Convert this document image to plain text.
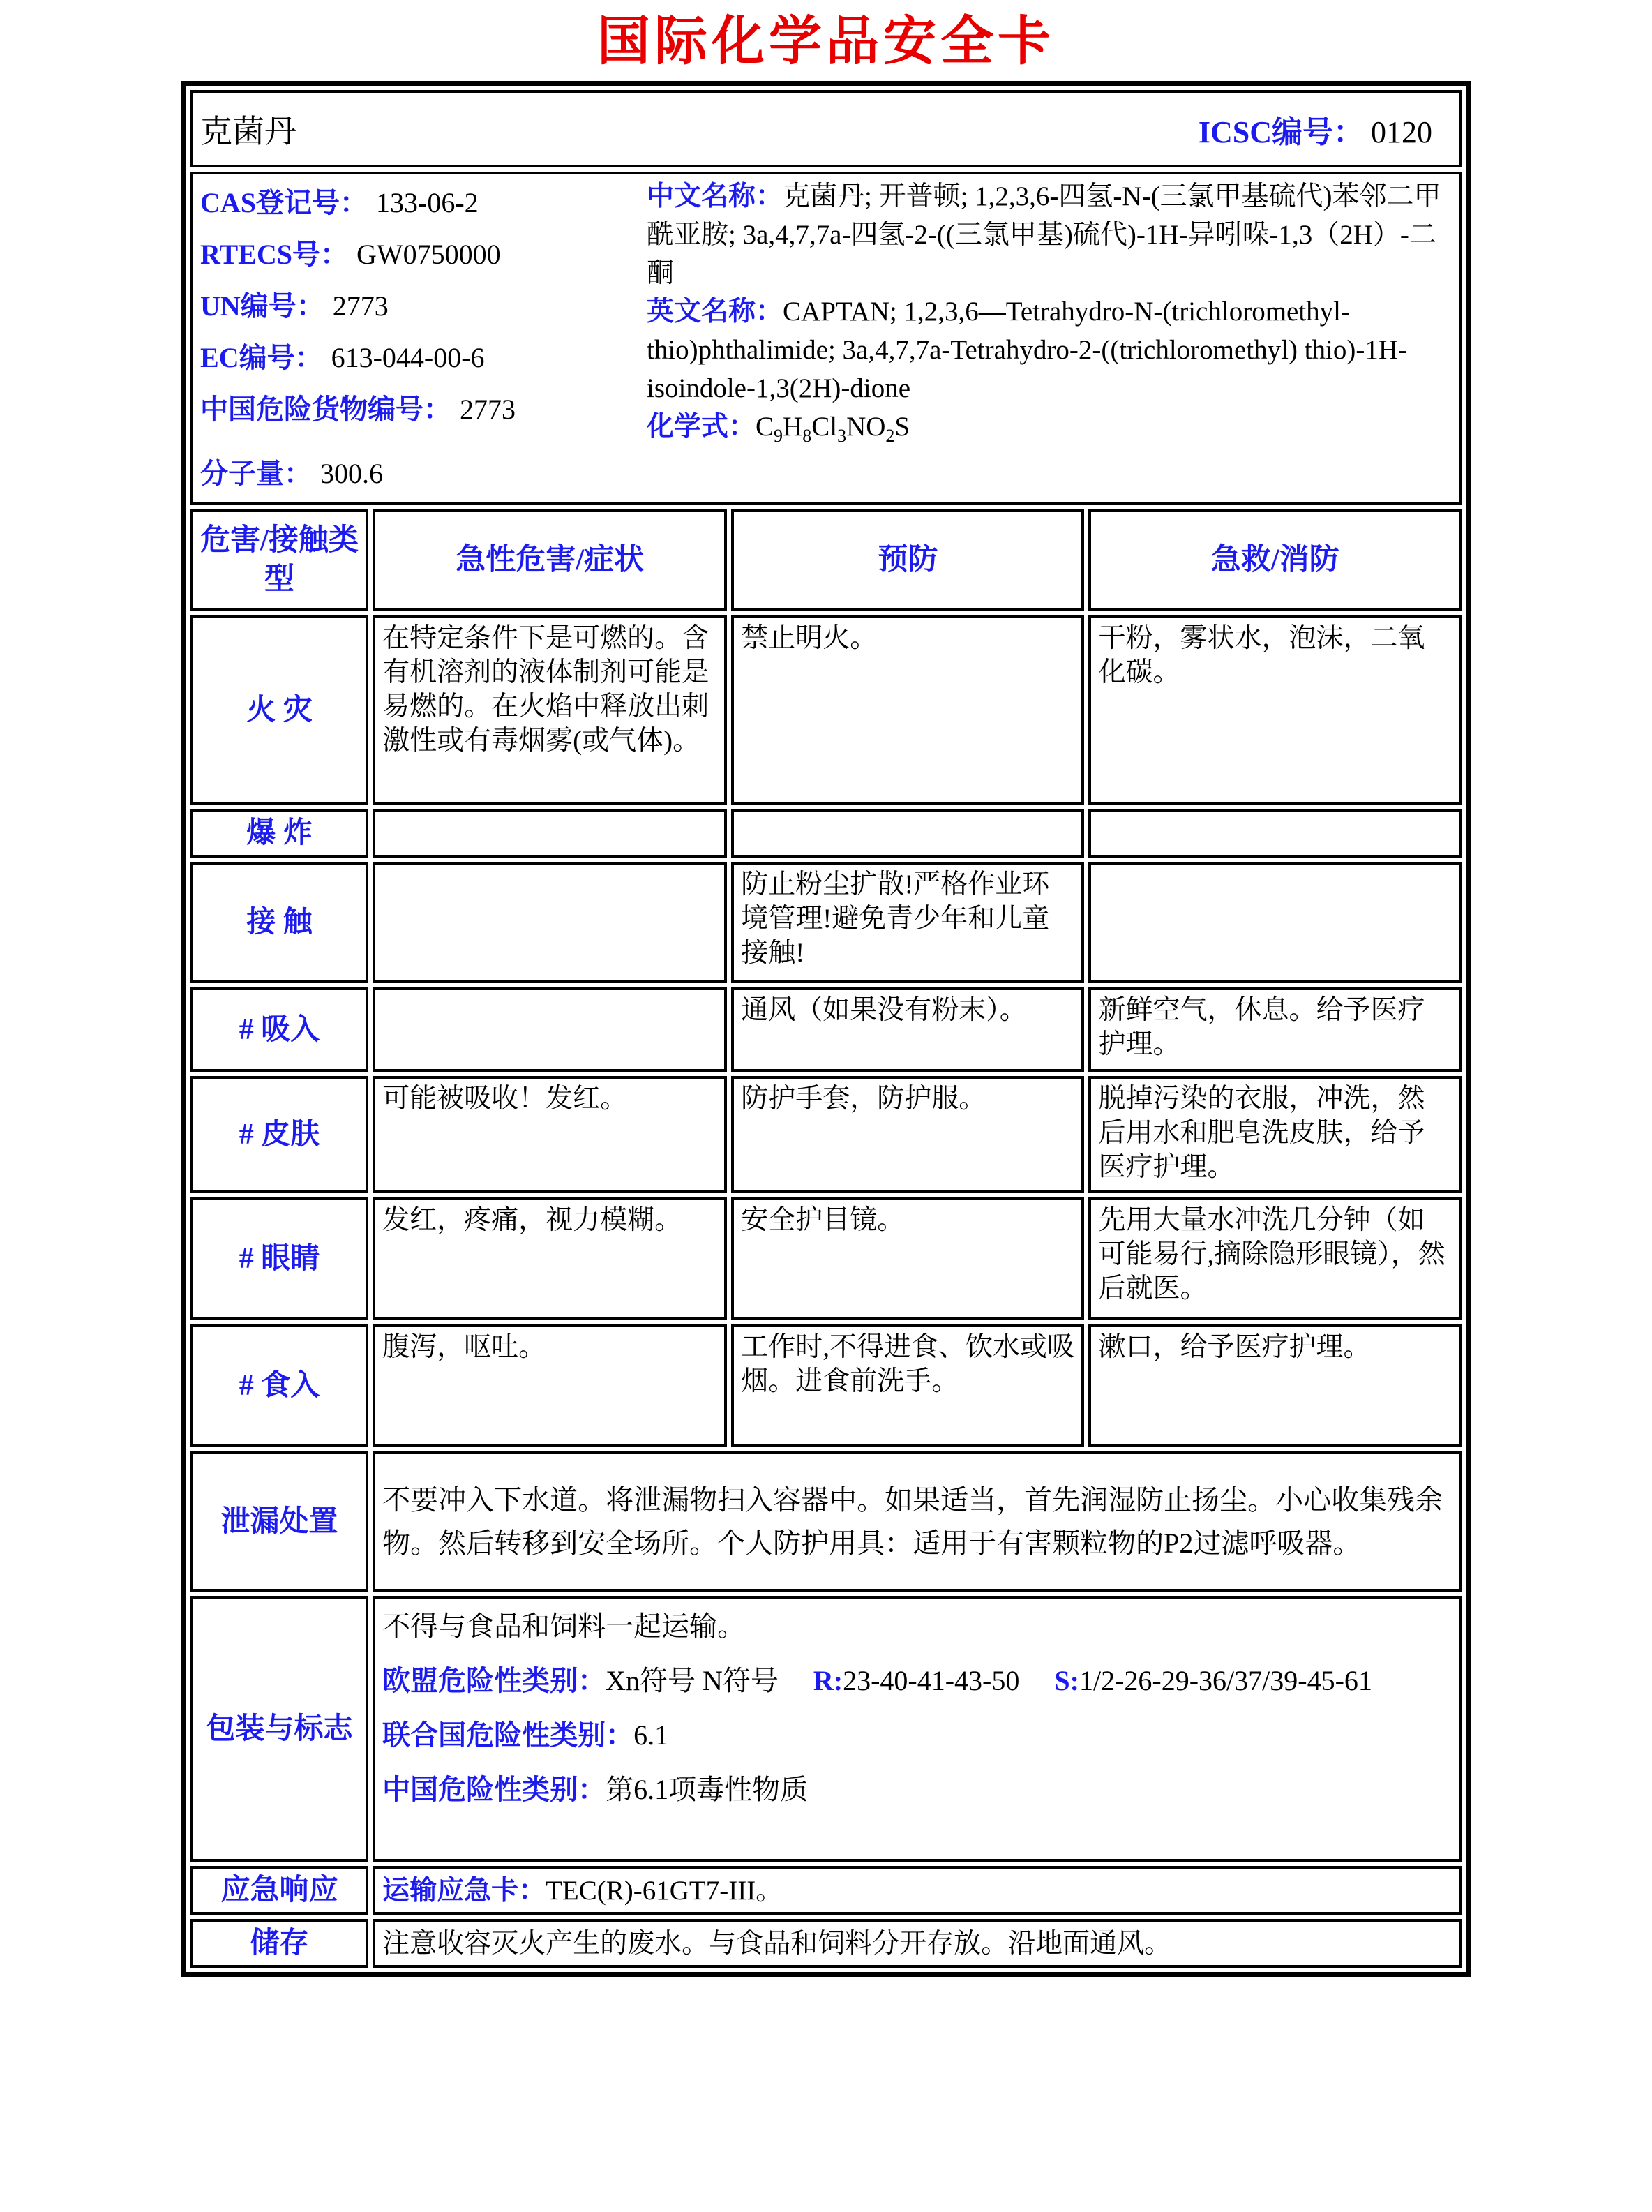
国际化学品安全卡
克菌丹 ICSC编号： 0120			

CAS登记号： 133-06-2
RTECS号： GW0750000
UN编号： 2773
EC编号： 613-044-00-6
中国危险货物编号： 2773
分子量： 300.6
中文名称：克菌丹; 开普顿; 1,2,3,6-四氢-N-(三氯甲基硫代)苯邻二甲酰亚胺; 3a,4,7,7a-四氢-2-((三氯甲基)硫代)-1H-异吲哚-1,3（2H）-二酮
英文名称：CAPTAN; 1,2,3,6—Tetrahydro-N-(trichloromethyl- thio)phthalimide; 3a,4,7,7a-Tetrahydro-2-((trichloromethyl) thio)-1H-isoindole-1,3(2H)-dione
化学式：$C_9H_8Cl_3NO_2S$

危害/接触类型	急性危害/症状	预防	急救/消防
火 灾	在特定条件下是可燃的。含有机溶剂的液体制剂可能是易燃的。在火焰中释放出刺激性或有毒烟雾(或气体)。	禁止明火。	干粉，雾状水，泡沫，二氧化碳。
爆 炸			
接 触		防止粉尘扩散!严格作业环境管理!避免青少年和儿童接触!	
# 吸入		通风（如果没有粉末）。	新鲜空气，休息。给予医疗护理。
# 皮肤	可能被吸收！发红。	防护手套，防护服。	脱掉污染的衣服，冲洗，然后用水和肥皂洗皮肤，给予医疗护理。
# 眼睛	发红，疼痛，视力模糊。	安全护目镜。	先用大量水冲洗几分钟（如可能易行,摘除隐形眼镜），然后就医。
# 食入	腹泻，呕吐。	工作时,不得进食、饮水或吸烟。进食前洗手。	漱口，给予医疗护理。
泄漏处置	不要冲入下水道。将泄漏物扫入容器中。如果适当，首先润湿防止扬尘。小心收集残余物。然后转移到安全场所。个人防护用具：适用于有害颗粒物的P2过滤呼吸器。		
包装与标志	不得与食品和饲料一起运输。
欧盟危险性类别：Xn符号 N符号　 R:23-40-41-43-50　 S:1/2-26-29-36/37/39-45-61
联合国危险性类别：6.1
中国危险性类别：第6.1项毒性物质		

应急响应	运输应急卡：TEC(R)-61GT7-III。		
储存	注意收容灭火产生的废水。与食品和饲料分开存放。沿地面通风。		
